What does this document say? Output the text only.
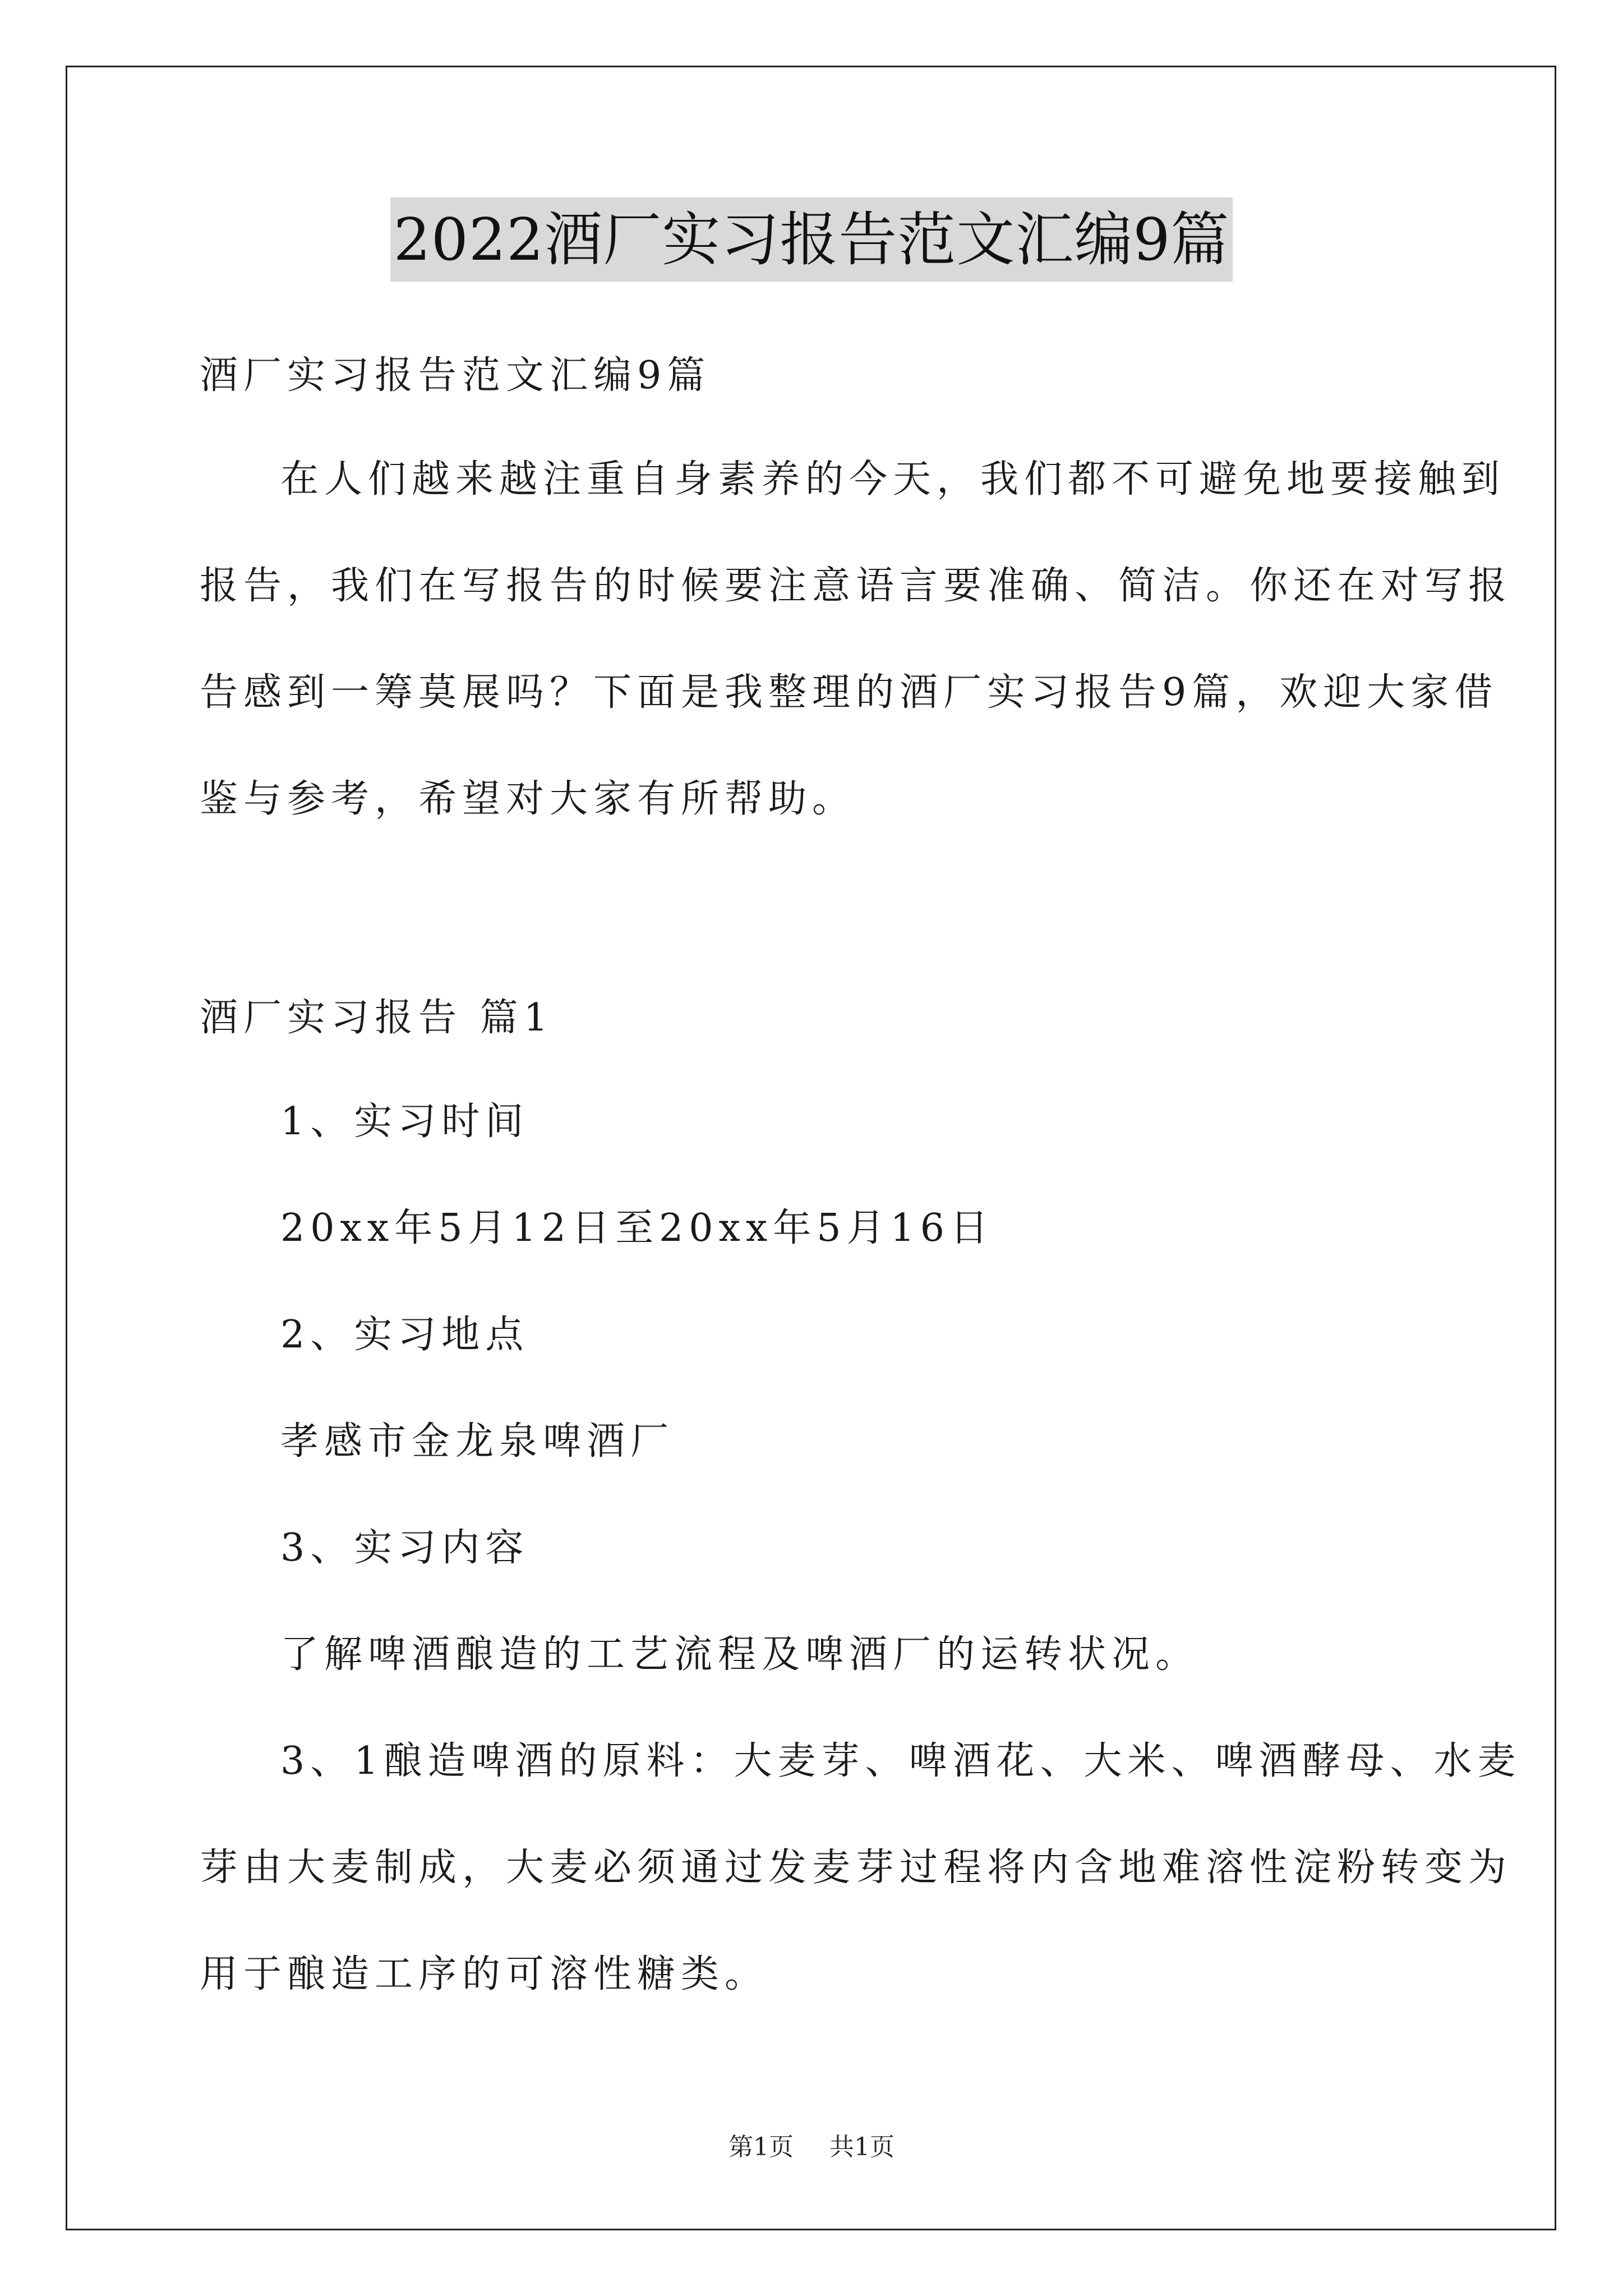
2022酒厂实习报告范文汇编9篇
酒厂实习报告范文汇编9篇
在人们越来越注重自身素养的今天，我们都不可避免地要接触到
报告，我们在写报告的时候要注意语言要准确、简洁。你还在对写报
告感到一筹莫展吗？下面是我整理的酒厂实习报告9篇，欢迎大家借
鉴与参考，希望对大家有所帮助。
酒厂实习报告 篇1
1、实习时间
20xx年5月12日至20xx年5月16日
2、实习地点
孝感市金龙泉啤酒厂
3、实习内容
了解啤酒酿造的工艺流程及啤酒厂的运转状况。
3、1酿造啤酒的原料：大麦芽、啤酒花、大米、啤酒酵母、水麦
芽由大麦制成，大麦必须通过发麦芽过程将内含地难溶性淀粉转变为
用于酿造工序的可溶性糖类。
第1页 共1页
